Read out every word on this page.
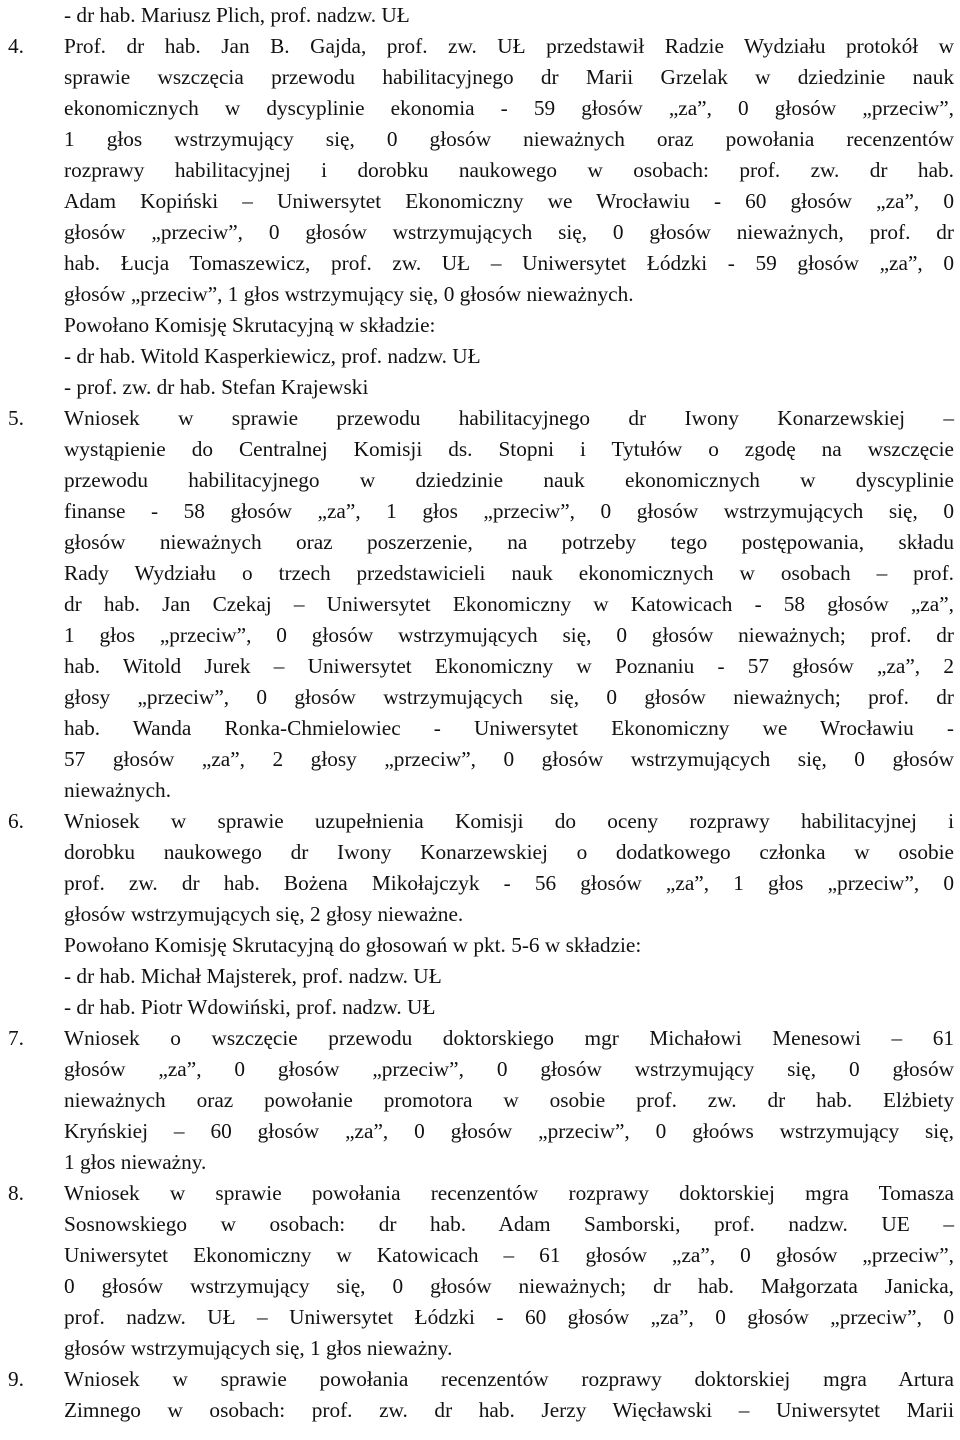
4.
5.
6.
7.
8.
9.
- dr hab. Mariusz Plich, prof. nadzw. UŁ
Prof. dr hab. Jan B. Gajda, prof. zw. UŁ przedstawił Radzie Wydziału protokół w
sprawie wszczęcia przewodu habilitacyjnego dr Marii Grzelak w dziedzinie nauk
ekonomicznych w dyscyplinie ekonomia - 59 głosów „za”, 0 głosów „przeciw”,
1 głos wstrzymujący się, 0 głosów nieważnych oraz powołania recenzentów
rozprawy habilitacyjnej i dorobku naukowego w osobach: prof. zw. dr hab.
Adam Kopiński – Uniwersytet Ekonomiczny we Wrocławiu - 60 głosów „za”, 0
głosów „przeciw”, 0 głosów wstrzymujących się, 0 głosów nieważnych, prof. dr
hab. Łucja Tomaszewicz, prof. zw. UŁ – Uniwersytet Łódzki - 59 głosów „za”, 0
głosów „przeciw”, 1 głos wstrzymujący się, 0 głosów nieważnych.
Powołano Komisję Skrutacyjną w składzie:
- dr hab. Witold Kasperkiewicz, prof. nadzw. UŁ
- prof. zw. dr hab. Stefan Krajewski
Wniosek w sprawie przewodu habilitacyjnego dr Iwony Konarzewskiej –
wystąpienie do Centralnej Komisji ds. Stopni i Tytułów o zgodę na wszczęcie
przewodu habilitacyjnego w dziedzinie nauk ekonomicznych w dyscyplinie
finanse - 58 głosów „za”, 1 głos „przeciw”, 0 głosów wstrzymujących się, 0
głosów nieważnych oraz poszerzenie, na potrzeby tego postępowania, składu
Rady Wydziału o trzech przedstawicieli nauk ekonomicznych w osobach – prof.
dr hab. Jan Czekaj – Uniwersytet Ekonomiczny w Katowicach - 58 głosów „za”,
1 głos „przeciw”, 0 głosów wstrzymujących się, 0 głosów nieważnych; prof. dr
hab. Witold Jurek – Uniwersytet Ekonomiczny w Poznaniu - 57 głosów „za”, 2
głosy „przeciw”, 0 głosów wstrzymujących się, 0 głosów nieważnych; prof. dr
hab. Wanda Ronka-Chmielowiec - Uniwersytet Ekonomiczny we Wrocławiu -
57 głosów „za”, 2 głosy „przeciw”, 0 głosów wstrzymujących się, 0 głosów
nieważnych.
Wniosek w sprawie uzupełnienia Komisji do oceny rozprawy habilitacyjnej i
dorobku naukowego dr Iwony Konarzewskiej o dodatkowego członka w osobie
prof. zw. dr hab. Bożena Mikołajczyk - 56 głosów „za”, 1 głos „przeciw”, 0
głosów wstrzymujących się, 2 głosy nieważne.
Powołano Komisję Skrutacyjną do głosowań w pkt. 5-6 w składzie:
- dr hab. Michał Majsterek, prof. nadzw. UŁ
- dr hab. Piotr Wdowiński, prof. nadzw. UŁ
Wniosek o wszczęcie przewodu doktorskiego mgr Michałowi Menesowi – 61
głosów „za”, 0 głosów „przeciw”, 0 głosów wstrzymujący się, 0 głosów
nieważnych oraz powołanie promotora w osobie prof. zw. dr hab. Elżbiety
Kryńskiej – 60 głosów „za”, 0 głosów „przeciw”, 0 głoóws wstrzymujący się,
1 głos nieważny.
Wniosek w sprawie powołania recenzentów rozprawy doktorskiej mgra Tomasza
Sosnowskiego w osobach: dr hab. Adam Samborski, prof. nadzw. UE –
Uniwersytet Ekonomiczny w Katowicach – 61 głosów „za”, 0 głosów „przeciw”,
0 głosów wstrzymujący się, 0 głosów nieważnych; dr hab. Małgorzata Janicka,
prof. nadzw. UŁ – Uniwersytet Łódzki - 60 głosów „za”, 0 głosów „przeciw”, 0
głosów wstrzymujących się, 1 głos nieważny.
Wniosek w sprawie powołania recenzentów rozprawy doktorskiej mgra Artura
Zimnego w osobach: prof. zw. dr hab. Jerzy Więcławski – Uniwersytet Marii
